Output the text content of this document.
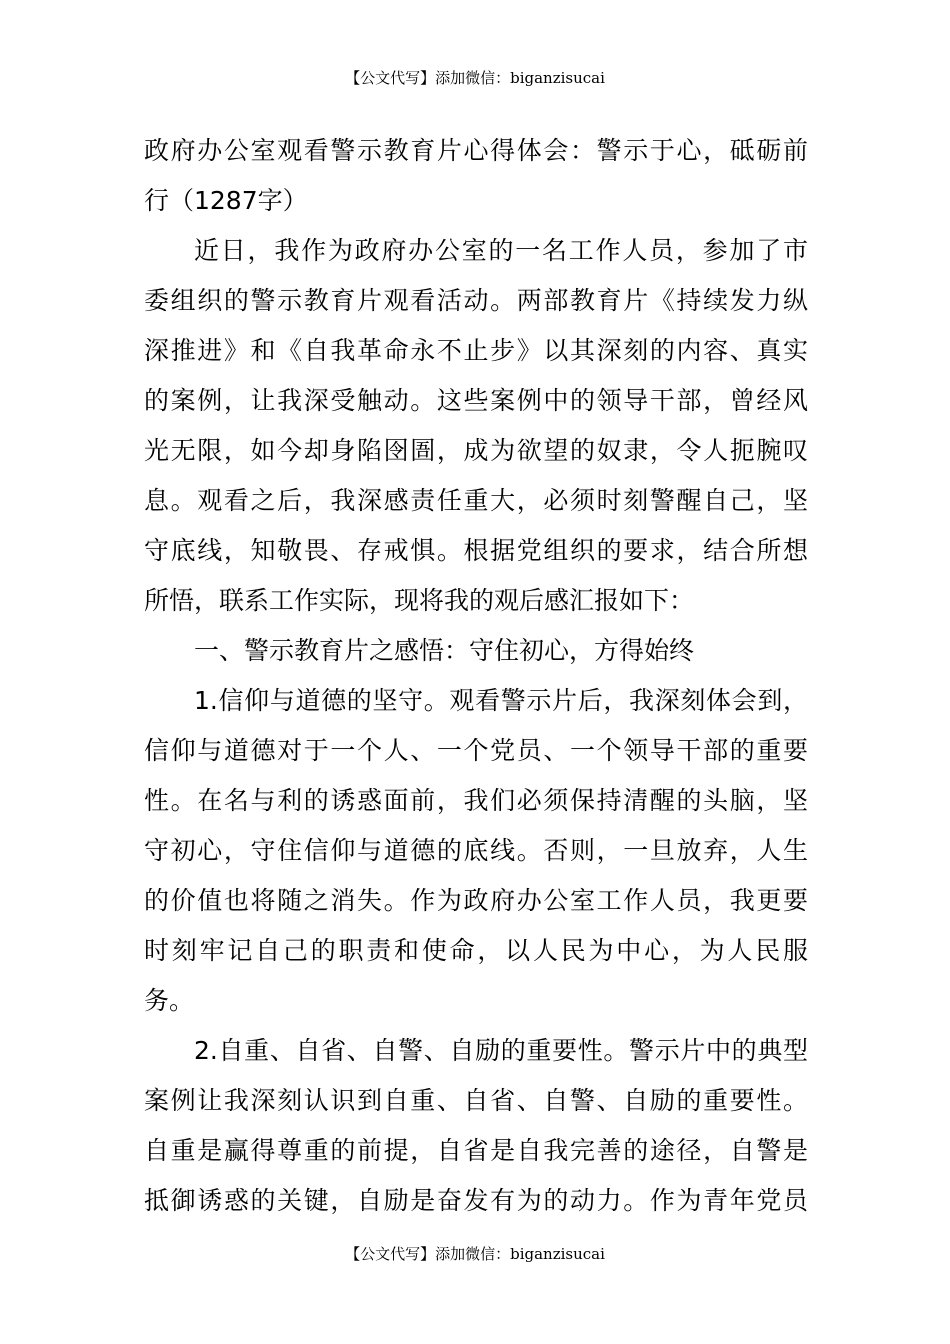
【公文代写】添加微信：biganzisucai
政府办公室观看警示教育片心得体会：警示于心，砥砺前
行（1287字）
近日，我作为政府办公室的一名工作人员，参加了市
委组织的警示教育片观看活动。两部教育片《持续发力纵
深推进》和《自我革命永不止步》以其深刻的内容、真实
的案例，让我深受触动。这些案例中的领导干部，曾经风
光无限，如今却身陷囹圄，成为欲望的奴隶，令人扼腕叹
息。观看之后，我深感责任重大，必须时刻警醒自己，坚
守底线，知敬畏、存戒惧。根据党组织的要求，结合所想
所悟，联系工作实际，现将我的观后感汇报如下：
一、警示教育片之感悟：守住初心，方得始终
1.信仰与道德的坚守。观看警示片后，我深刻体会到，
信仰与道德对于一个人、一个党员、一个领导干部的重要
性。在名与利的诱惑面前，我们必须保持清醒的头脑，坚
守初心，守住信仰与道德的底线。否则，一旦放弃，人生
的价值也将随之消失。作为政府办公室工作人员，我更要
时刻牢记自己的职责和使命，以人民为中心，为人民服
务。
2.自重、自省、自警、自励的重要性。警示片中的典型
案例让我深刻认识到自重、自省、自警、自励的重要性。
自重是赢得尊重的前提，自省是自我完善的途径，自警是
抵御诱惑的关键，自励是奋发有为的动力。作为青年党员
【公文代写】添加微信：biganzisucai
